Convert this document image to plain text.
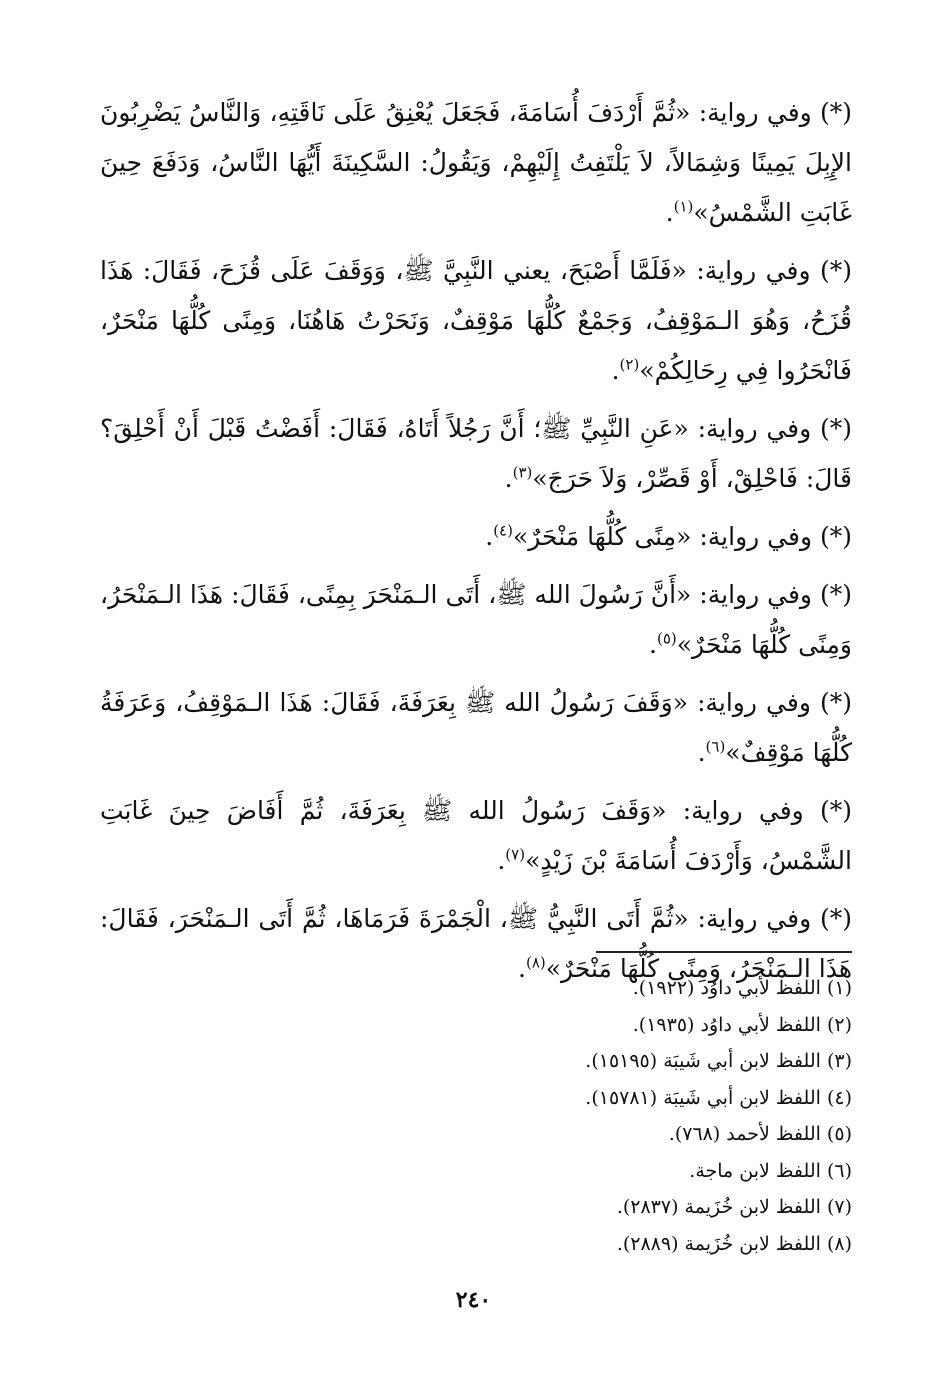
(*) وفي رواية: «ثُمَّ أَرْدَفَ أُسَامَةَ، فَجَعَلَ يُعْنِقُ عَلَى نَاقَتِهِ، وَالنَّاسُ يَضْرِبُونَ الإِبِلَ يَمِينًا وَشِمَالاً، لاَ يَلْتَفِتُ إِلَيْهِمْ، وَيَقُولُ: السَّكِينَةَ أَيُّهَا النَّاسُ، وَدَفَعَ حِينَ غَابَتِ الشَّمْسُ»$^{(١)}$.

(*) وفي رواية: «فَلَمَّا أَصْبَحَ، يعني النَّبِيَّ ﷺ، وَوَقَفَ عَلَى قُزَحَ، فَقَالَ: هَذَا قُزَحُ، وَهُوَ الـمَوْقِفُ، وَجَمْعٌ كُلُّهَا مَوْقِفٌ، وَنَحَرْتُ هَاهُنَا، وَمِنًى كُلُّهَا مَنْحَرٌ، فَانْحَرُوا فِي رِحَالِكُمْ»$^{(٢)}$.

(*) وفي رواية: «عَنِ النَّبِيِّ ﷺ؛ أَنَّ رَجُلاً أَتَاهُ، فَقَالَ: أَفَضْتُ قَبْلَ أَنْ أَحْلِقَ؟ قَالَ: فَاحْلِقْ، أَوْ قَصِّرْ، وَلاَ حَرَجَ»$^{(٣)}$.

(*) وفي رواية: «مِنًى كُلُّهَا مَنْحَرٌ»$^{(٤)}$.

(*) وفي رواية: «أَنَّ رَسُولَ الله ﷺ، أَتَى الـمَنْحَرَ بِمِنًى، فَقَالَ: هَذَا الـمَنْحَرُ، وَمِنًى كُلُّهَا مَنْحَرٌ»$^{(٥)}$.

(*) وفي رواية: «وَقَفَ رَسُولُ الله ﷺ بِعَرَفَةَ، فَقَالَ: هَذَا الـمَوْقِفُ، وَعَرَفَةُ كُلُّهَا مَوْقِفٌ»$^{(٦)}$.

(*) وفي رواية: «وَقَفَ رَسُولُ الله ﷺ بِعَرَفَةَ، ثُمَّ أَفَاضَ حِينَ غَابَتِ الشَّمْسُ، وَأَرْدَفَ أُسَامَةَ بْنَ زَيْدٍ»$^{(٧)}$.

(*) وفي رواية: «ثُمَّ أَتَى النَّبِيُّ ﷺ، الْجَمْرَةَ فَرَمَاهَا، ثُمَّ أَتَى الـمَنْحَرَ، فَقَالَ: هَذَا الـمَنْحَرُ، وَمِنًى كُلُّهَا مَنْحَرٌ»$^{(٨)}$.

(١) اللفظ لأبي داوُد (١٩٢٢).

(٢) اللفظ لأبي داوُد (١٩٣٥).

(٣) اللفظ لابن أبي شَيبَة (١٥١٩٥).

(٤) اللفظ لابن أبي شَيبَة (١٥٧٨١).

(٥) اللفظ لأحمد (٧٦٨).

(٦) اللفظ لابن ماجة.

(٧) اللفظ لابن خُزَيمة (٢٨٣٧).

(٨) اللفظ لابن خُزَيمة (٢٨٨٩).

٢٤٠
